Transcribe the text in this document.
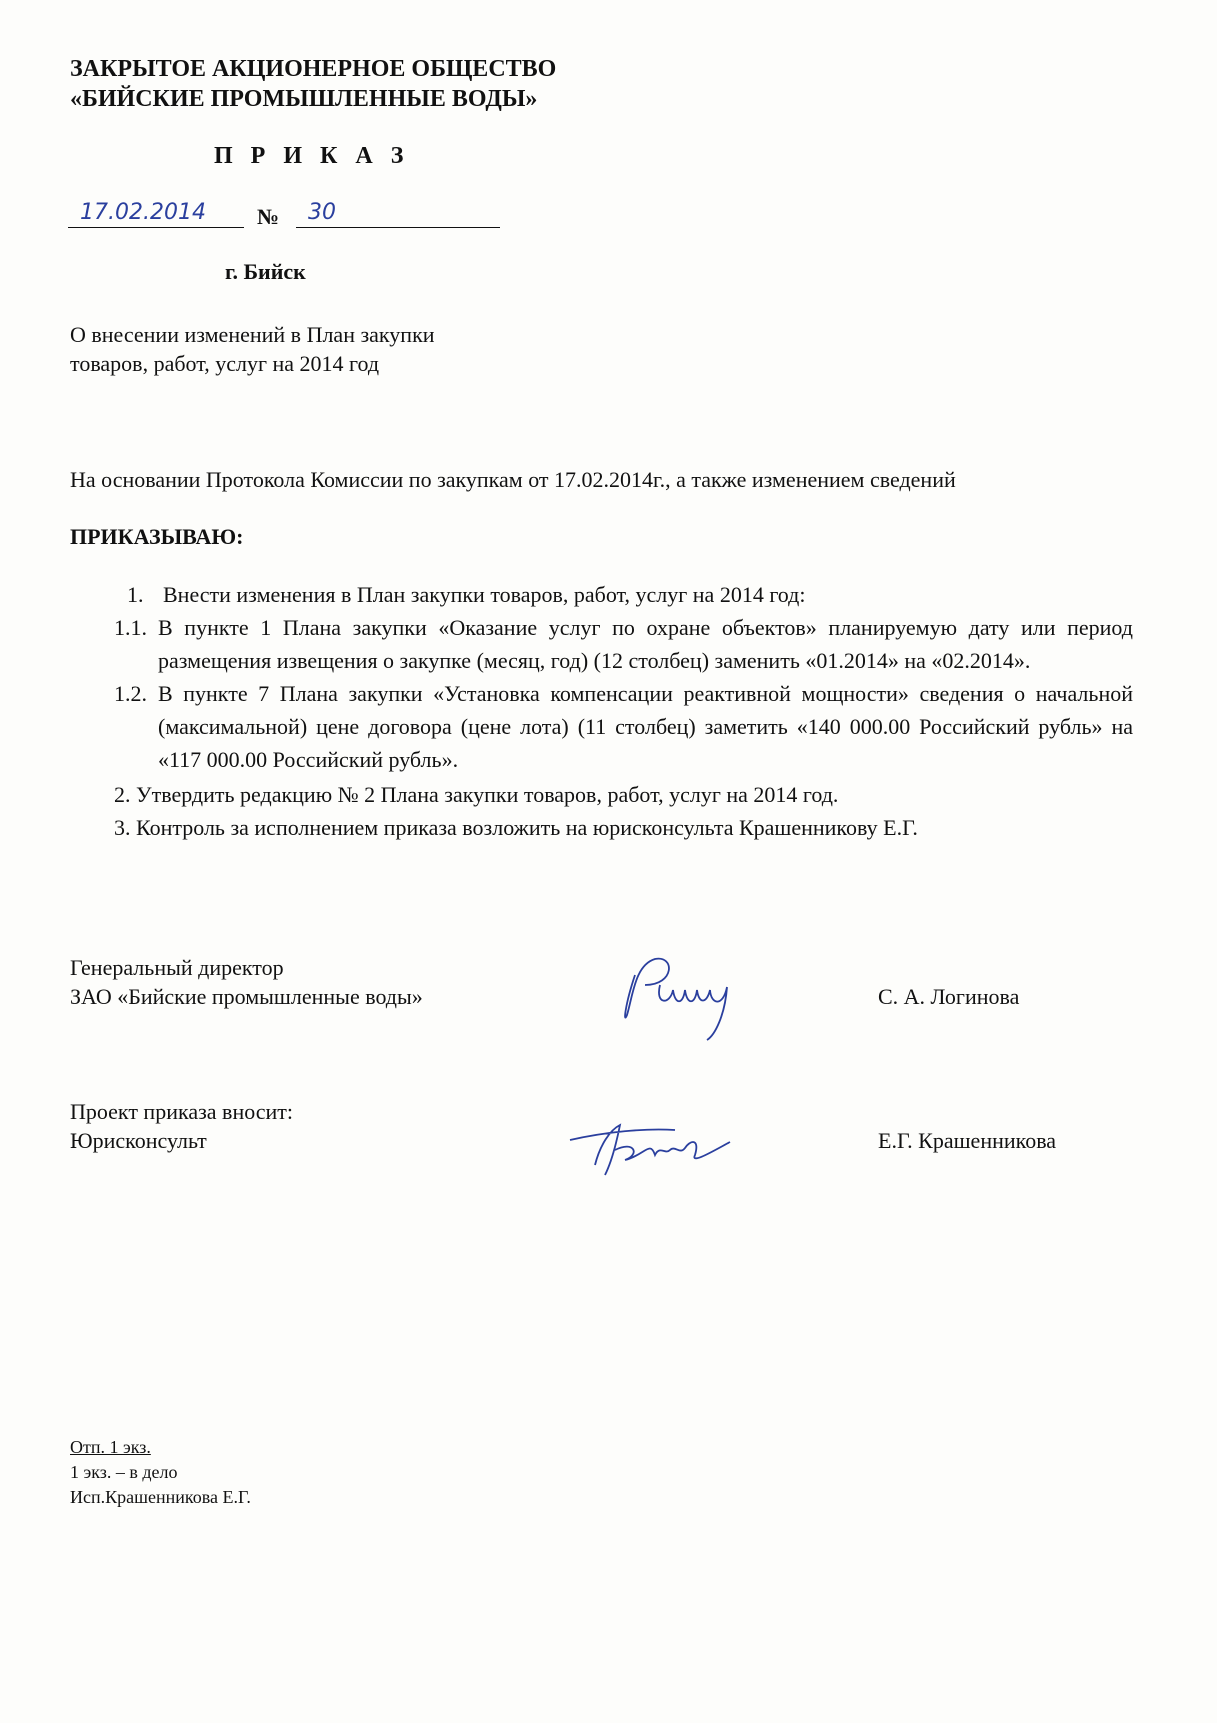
ЗАКРЫТОЕ АКЦИОНЕРНОЕ ОБЩЕСТВО
«БИЙСКИЕ ПРОМЫШЛЕННЫЕ ВОДЫ»
П Р И К А З
17.02.2014 № 30
г. Бийск
О внесении изменений в План закупки
товаров, работ, услуг на 2014 год
На основании Протокола Комиссии по закупкам от 17.02.2014г., а также изменением сведений
ПРИКАЗЫВАЮ:
1. Внести изменения в План закупки товаров, работ, услуг на 2014 год:
1.1. В пункте 1 Плана закупки «Оказание услуг по охране объектов» планируемую дату или период размещения извещения о закупке (месяц, год) (12 столбец) заменить «01.2014» на «02.2014».
1.2. В пункте 7 Плана закупки «Установка компенсации реактивной мощности» сведения о начальной (максимальной) цене договора (цене лота) (11 столбец) заметить «140 000.00 Российский рубль» на «117 000.00 Российский рубль».
2. Утвердить редакцию № 2 Плана закупки товаров, работ, услуг на 2014 год.
3. Контроль за исполнением приказа возложить на юрисконсульта Крашенникову Е.Г.
Генеральный директор
ЗАО «Бийские промышленные воды»	С. А. Логинова
Проект приказа вносит:
Юрисконсульт	Е.Г. Крашенникова
Отп. 1 экз.
1 экз. – в дело
Исп.Крашенникова Е.Г.
